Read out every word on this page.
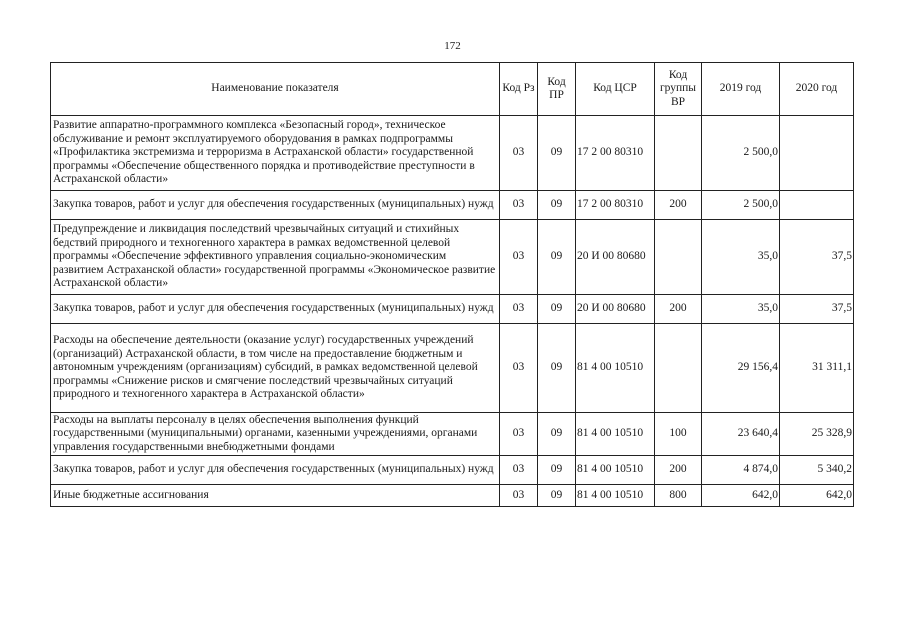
172
Наименование показателя	Код Рз	Код ПР	Код ЦСР	Код группы ВР	2019 год	2020 год
Развитие аппаратно-программного комплекса «Безопасный город», техническое обслуживание и ремонт эксплуатируемого оборудования в рамках подпрограммы «Профилактика экстремизма и терроризма в Астраханской области» государственной программы «Обеспечение общественного порядка и противодействие преступности в Астраханской области»	03	09	17 2 00 80310		2 500,0	
Закупка товаров, работ и услуг для обеспечения государственных (муниципальных) нужд	03	09	17 2 00 80310	200	2 500,0	
Предупреждение и ликвидация последствий чрезвычайных ситуаций и стихийных бедствий природного и техногенного характера в рамках ведомственной целевой программы «Обеспечение эффективного управления социально-экономическим развитием Астраханской области» государственной программы «Экономическое развитие Астраханской области»	03	09	20 И 00 80680		35,0	37,5
Закупка товаров, работ и услуг для обеспечения государственных (муниципальных) нужд	03	09	20 И 00 80680	200	35,0	37,5
Расходы на обеспечение деятельности (оказание услуг) государственных учреждений (организаций) Астраханской области, в том числе на предоставление бюджетным и автономным учреждениям (организациям) субсидий, в рамках ведомственной целевой программы «Снижение рисков и смягчение последствий чрезвычайных ситуаций природного и техногенного характера в Астраханской области»	03	09	81 4 00 10510		29 156,4	31 311,1
Расходы на выплаты персоналу в целях обеспечения выполнения функций государственными (муниципальными) органами, казенными учреждениями, органами управления государственными внебюджетными фондами	03	09	81 4 00 10510	100	23 640,4	25 328,9
Закупка товаров, работ и услуг для обеспечения государственных (муниципальных) нужд	03	09	81 4 00 10510	200	4 874,0	5 340,2
Иные бюджетные ассигнования	03	09	81 4 00 10510	800	642,0	642,0
